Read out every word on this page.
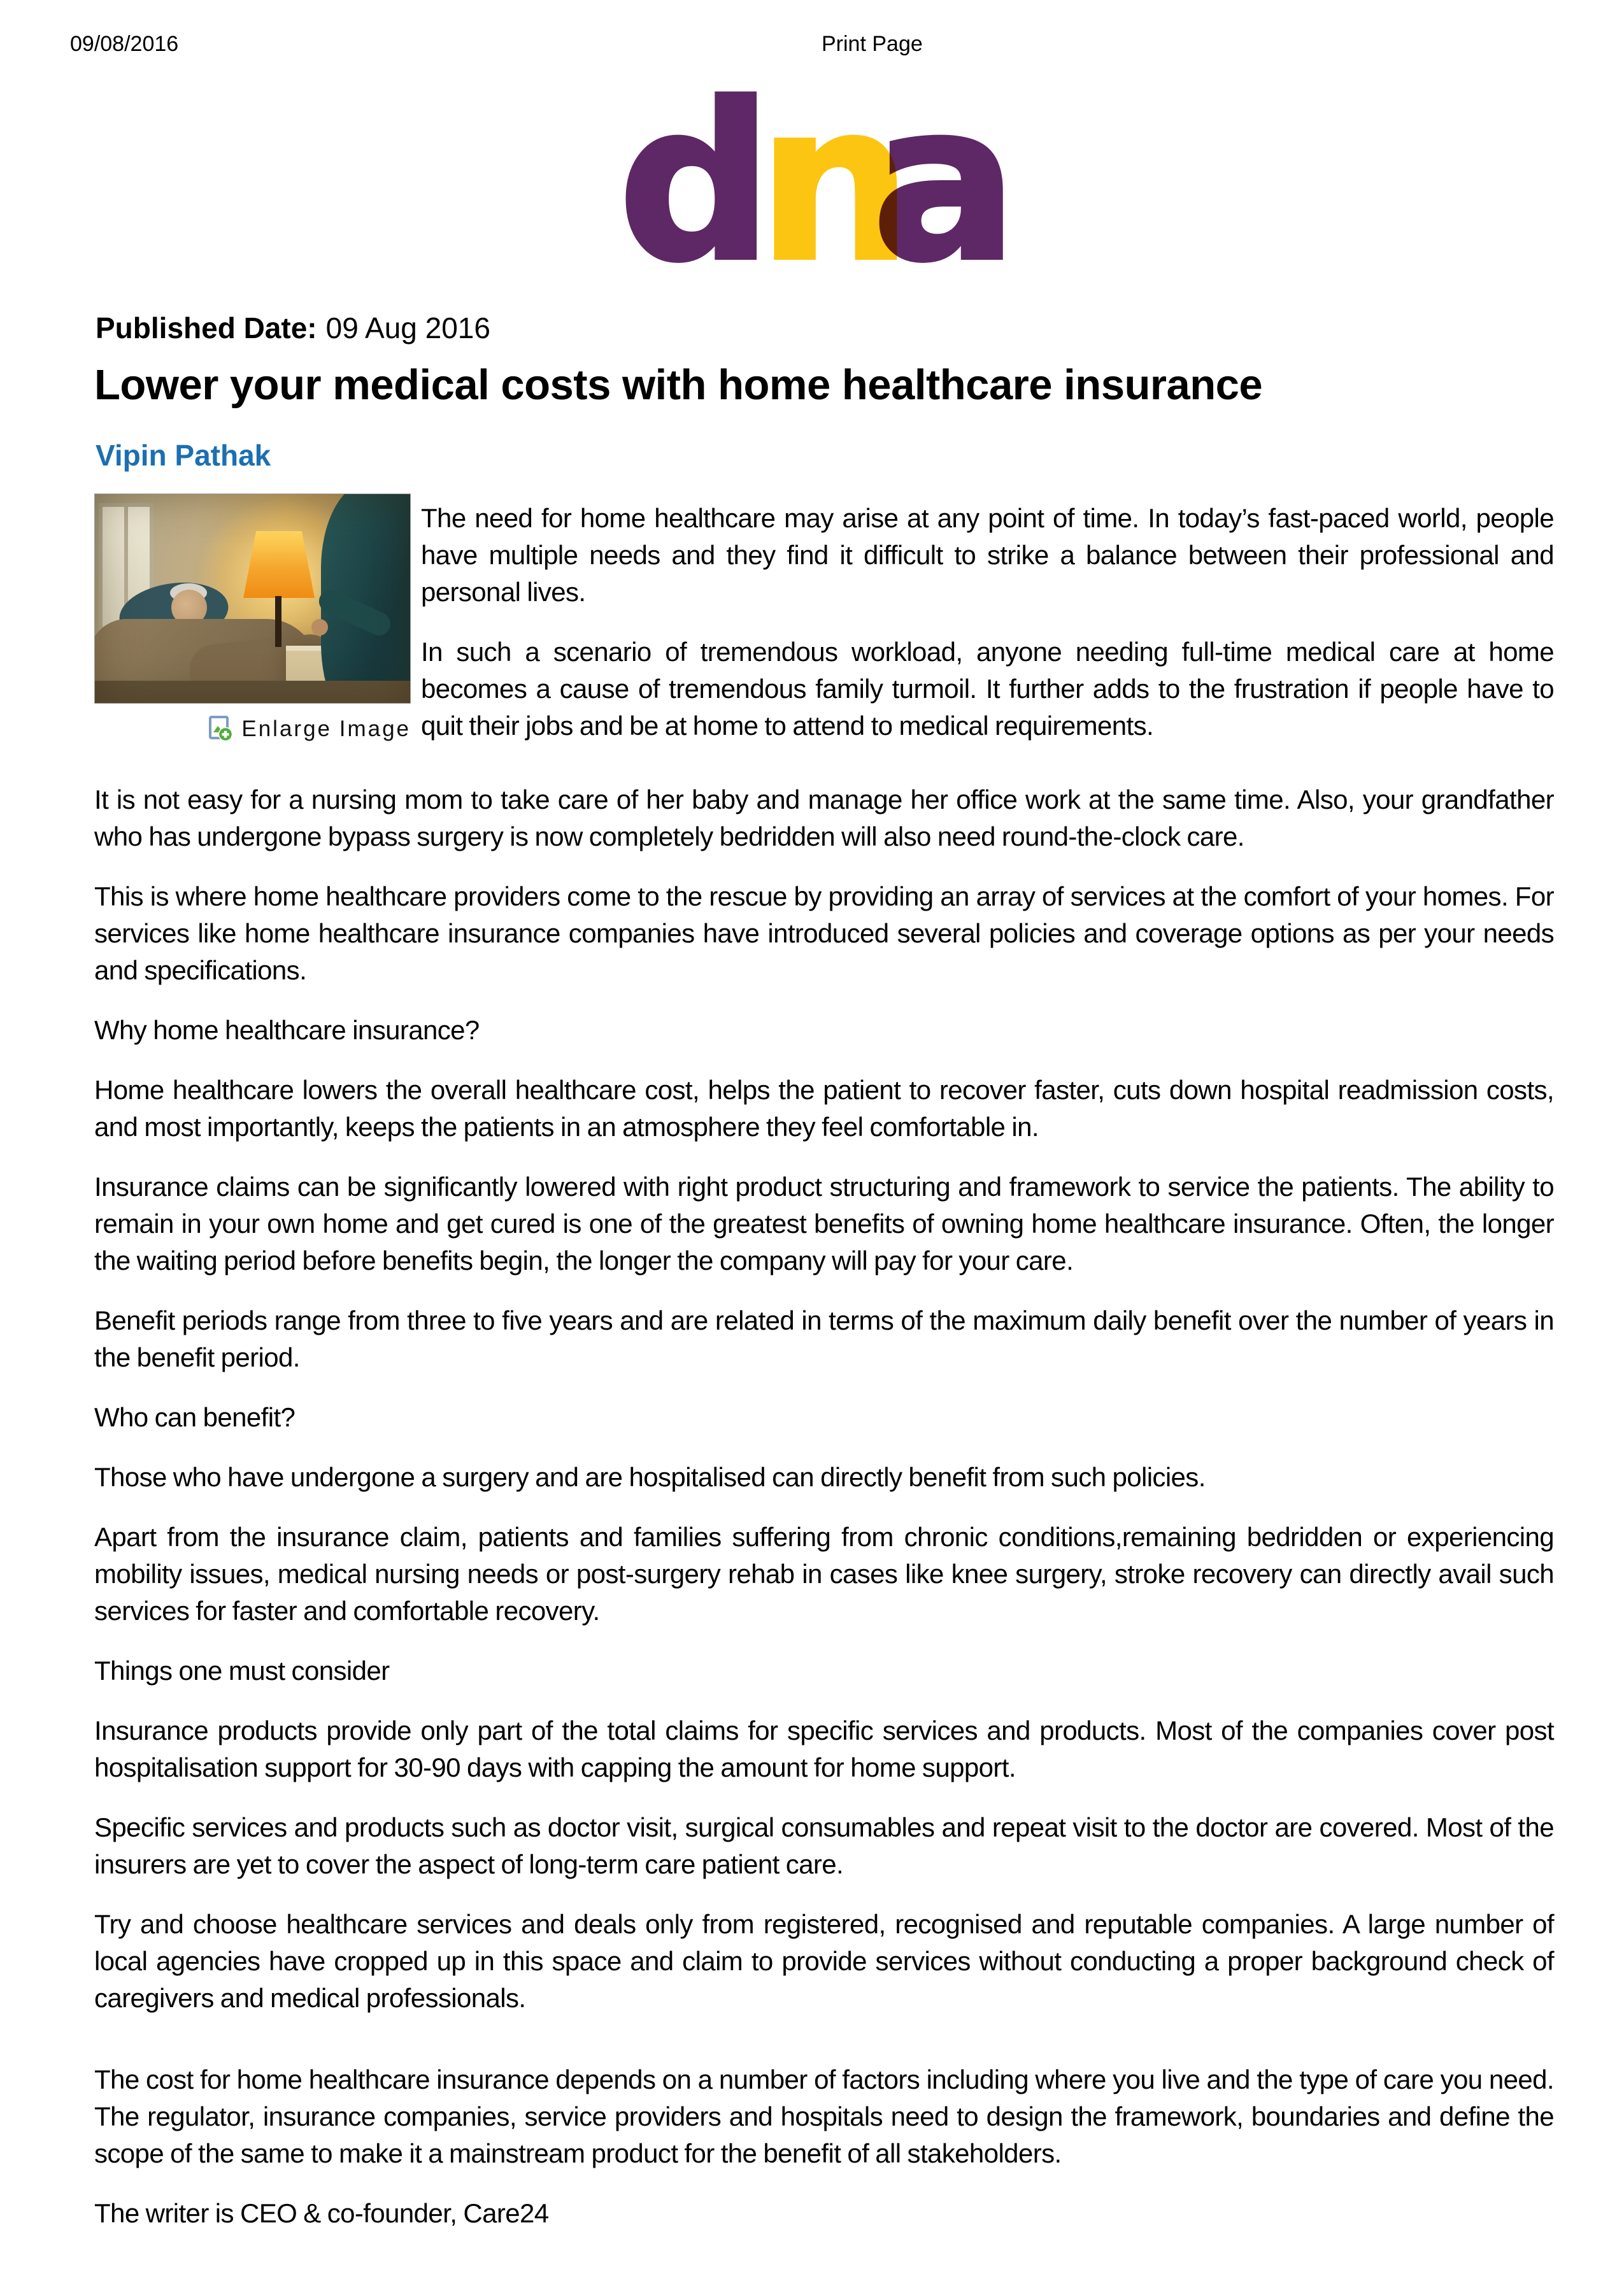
09/08/2016	Print Page
dna
Published Date: 09 Aug 2016
Lower your medical costs with home healthcare insurance
Vipin Pathak
Enlarge Image

The need for home healthcare may arise at any point of time. In today’s fast-paced world, people have multiple needs and they find it difficult to strike a balance between their professional and personal lives.

In such a scenario of tremendous workload, anyone needing full-time medical care at home becomes a cause of tremendous family turmoil. It further adds to the frustration if people have to quit their jobs and be at home to attend to medical requirements.

It is not easy for a nursing mom to take care of her baby and manage her office work at the same time. Also, your grandfather who has undergone bypass surgery is now completely bedridden will also need round-the-clock care.

This is where home healthcare providers come to the rescue by providing an array of services at the comfort of your homes. For services like home healthcare insurance companies have introduced several policies and coverage options as per your needs and specifications.

Why home healthcare insurance?

Home healthcare lowers the overall healthcare cost, helps the patient to recover faster, cuts down hospital readmission costs, and most importantly, keeps the patients in an atmosphere they feel comfortable in.

Insurance claims can be significantly lowered with right product structuring and framework to service the patients. The ability to remain in your own home and get cured is one of the greatest benefits of owning home healthcare insurance. Often, the longer the waiting period before benefits begin, the longer the company will pay for your care.

Benefit periods range from three to five years and are related in terms of the maximum daily benefit over the number of years in the benefit period.

Who can benefit?

Those who have undergone a surgery and are hospitalised can directly benefit from such policies.

Apart from the insurance claim, patients and families suffering from chronic conditions,remaining bedridden or experiencing mobility issues, medical nursing needs or post-surgery rehab in cases like knee surgery, stroke recovery can directly avail such services for faster and comfortable recovery.

Things one must consider

Insurance products provide only part of the total claims for specific services and products. Most of the companies cover post hospitalisation support for 30-90 days with capping the amount for home support.

Specific services and products such as doctor visit, surgical consumables and repeat visit to the doctor are covered. Most of the insurers are yet to cover the aspect of long-term care patient care.

Try and choose healthcare services and deals only from registered, recognised and reputable companies. A large number of local agencies have cropped up in this space and claim to provide services without conducting a proper background check of caregivers and medical professionals.

The cost for home healthcare insurance depends on a number of factors including where you live and the type of care you need. The regulator, insurance companies, service providers and hospitals need to design the framework, boundaries and define the scope of the same to make it a mainstream product for the benefit of all stakeholders.

The writer is CEO & co-founder, Care24
